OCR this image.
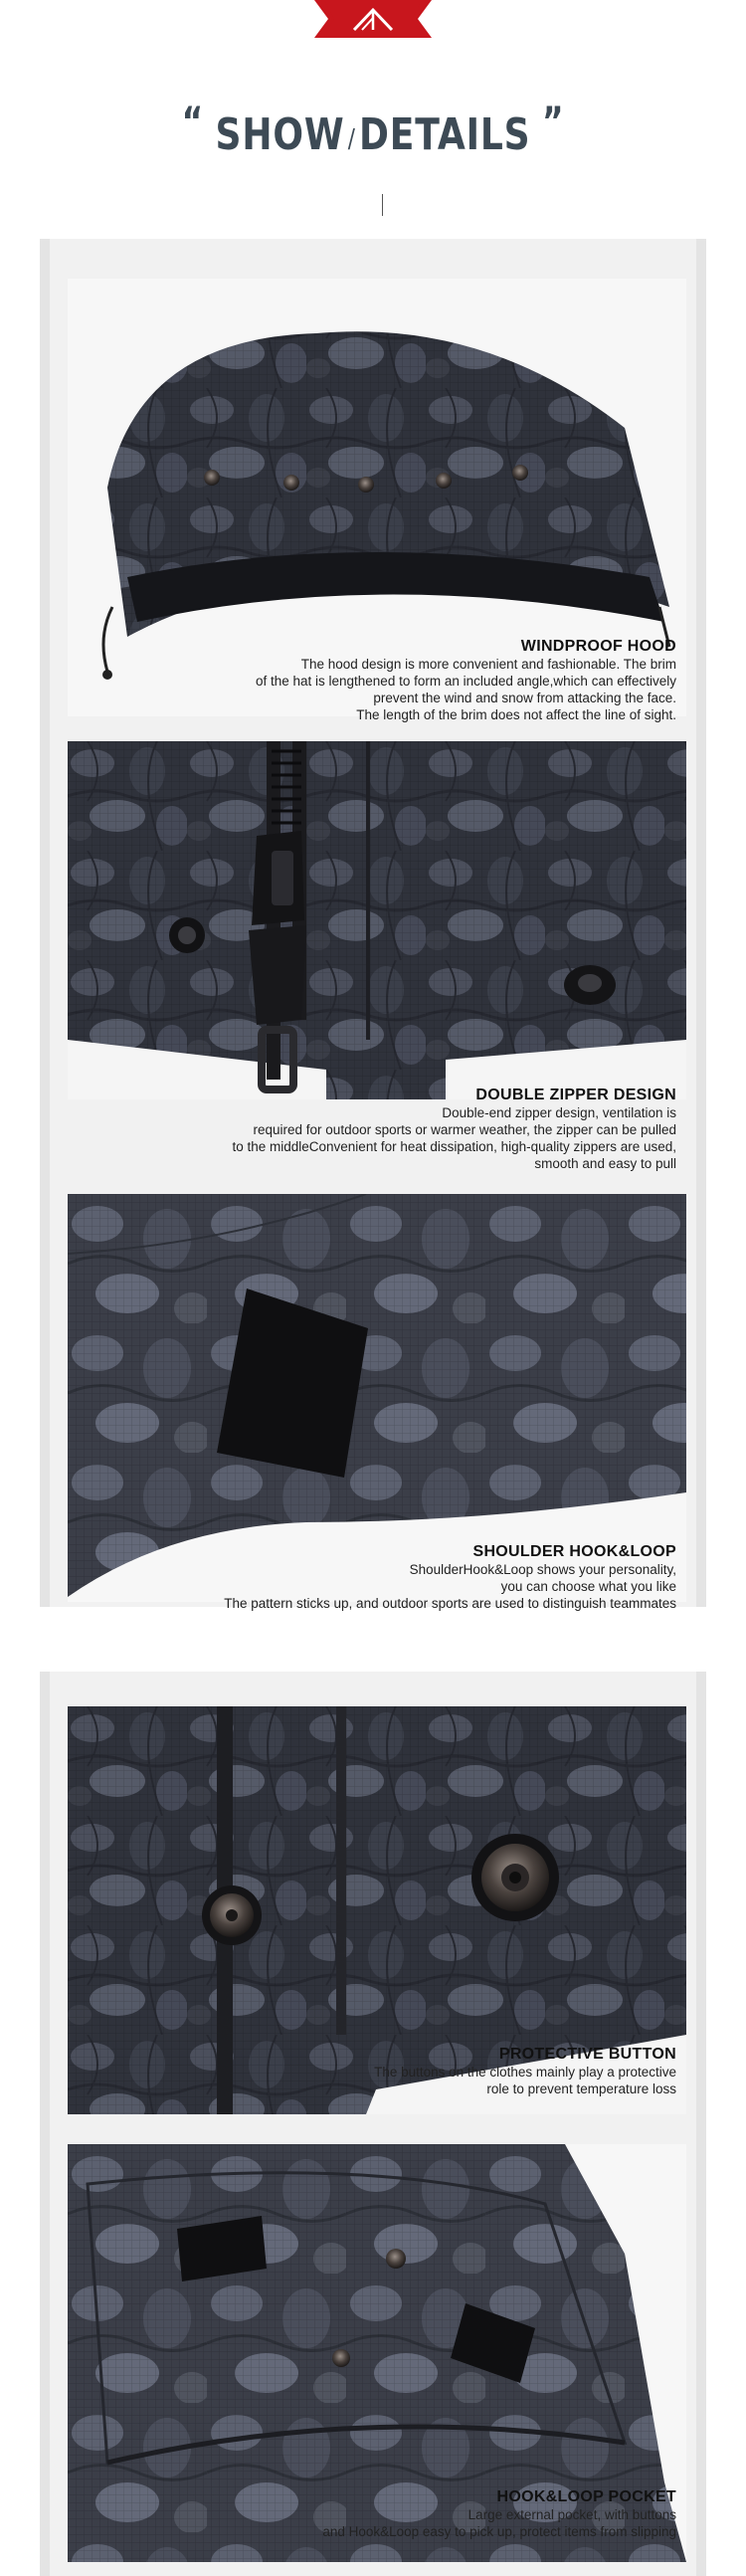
“ SHOW /DETAILS ”
WINDPROOF HOOD

The hood design is more convenient and fashionable. The brim

of the hat is lengthened to form an included angle,which can effectively

prevent the wind and snow from attacking the face.

The length of the brim does not affect the line of sight.

DOUBLE ZIPPER DESIGN

Double-end zipper design, ventilation is

required for outdoor sports or warmer weather, the zipper can be pulled

to the middleConvenient for heat dissipation, high-quality zippers are used,

smooth and easy to pull

SHOULDER HOOK&LOOP

ShoulderHook&Loop shows your personality,

you can choose what you like

The pattern sticks up, and outdoor sports are used to distinguish teammates

PROTECTIVE BUTTON

The buttons on the clothes mainly play a protective

role to prevent temperature loss

HOOK&LOOP POCKET

Large external pocket, with buttons

and Hook&Loop easy to pick up, protect items from slipping
